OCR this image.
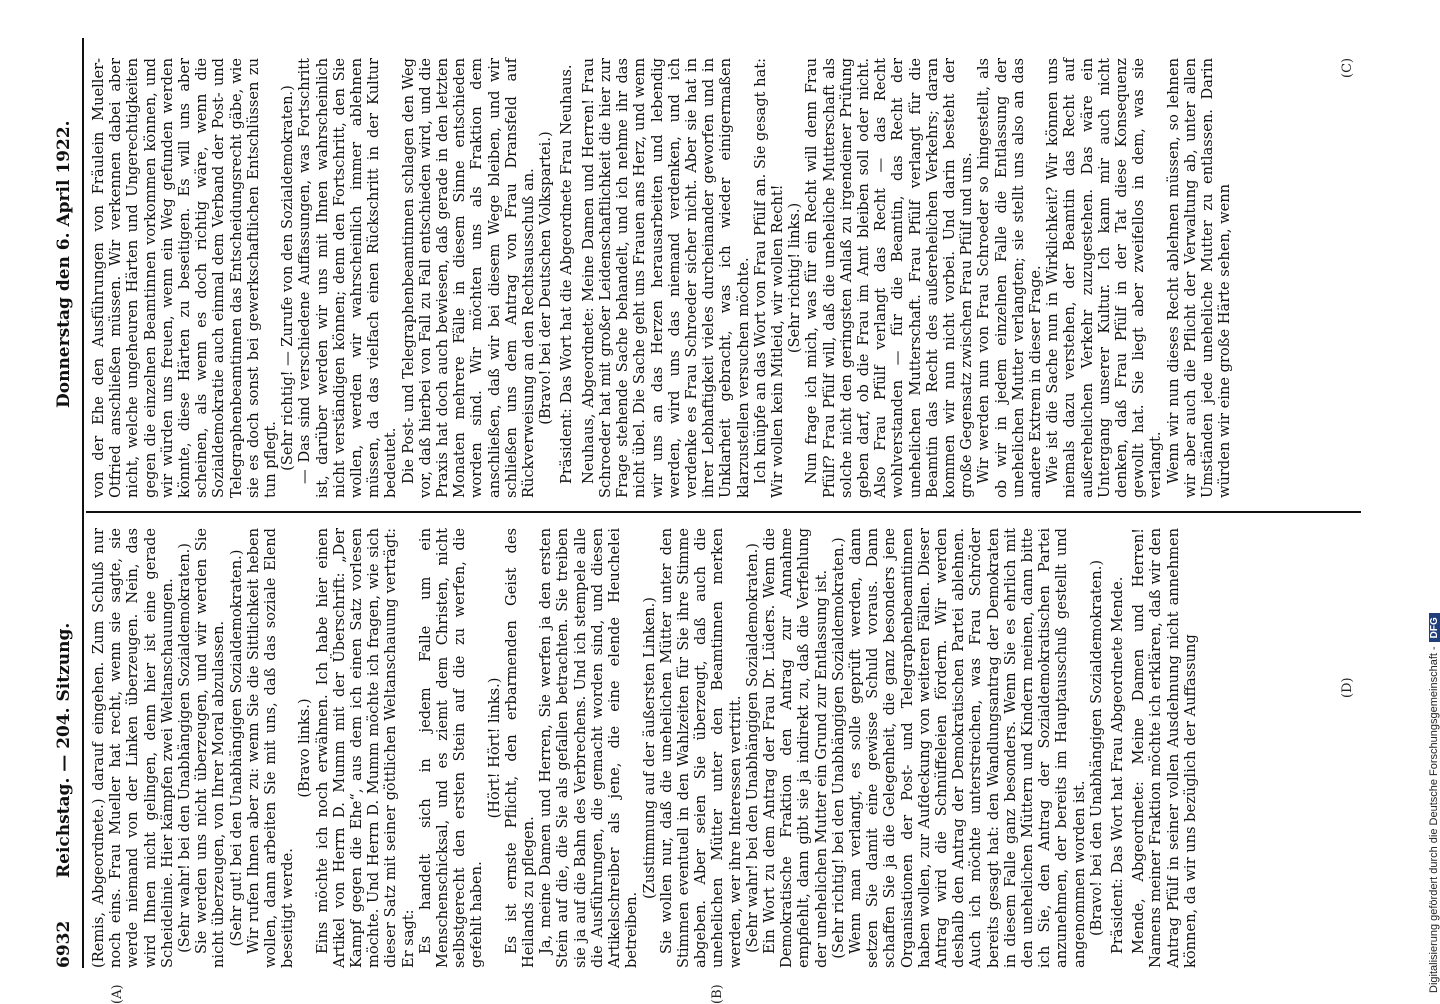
6932
Reichstag. — 204. Sitzung.
Donnerstag den 6. April 1922.

(Remis, Abgeordnete.) darauf eingehen. Zum Schluß nur noch eins. Frau Mueller hat recht, wenn sie sagte, sie werde niemand von der Linken überzeugen. Nein, das wird Ihnen nicht gelingen, denn hier ist eine gerade Scheidelinie. Hier kämpfen zwei Weltanschauungen. (Sehr wahr! bei den Unabhängigen Sozialdemokraten.) Sie werden uns nicht überzeugen, und wir werden Sie nicht überzeugen, von Ihrer Moral abzulassen. (Sehr gut! bei den Unabhängigen Sozialdemokraten.) Wir rufen Ihnen aber zu: wenn Sie die Sittlichkeit heben wollen, dann arbeiten Sie mit uns, daß das soziale Elend beseitigt werde.

(Bravo links.) Eins möchte ich noch erwähnen. Ich habe hier einen Artikel von Herrn D. Mumm mit der Überschrift: „Der Kampf gegen die Ehe“, aus dem ich einen Satz vorlesen möchte. Und Herrn D. Mumm möchte ich fragen, wie sich dieser Satz mit seiner göttlichen Weltanschauung verträgt: Er sagt: Es handelt sich in jedem Falle um ein Menschenschicksal, und es ziemt dem Christen, nicht selbstgerecht den ersten Stein auf die zu werfen, die gefehlt haben.

(Hört! Hört! links.) Es ist ernste Pflicht, den erbarmenden Geist des Heilands zu pflegen. Ja, meine Damen und Herren, Sie werfen ja den ersten Stein auf die, die Sie als gefallen betrachten. Sie treiben sie ja auf die Bahn des Verbrechens. Und ich stempele alle die Ausführungen, die gemacht worden sind, und diesen Artikelschreiber als jene, die eine elende Heuchelei betreiben.

(Zustimmung auf der äußersten Linken.) Sie wollen nur, daß die unehelichen Mütter unter den Stimmen eventuell in den Wahlzeiten für Sie ihre Stimme abgeben. Aber seien Sie überzeugt, daß auch die unehelichen Mütter unter den Beamtinnen merken werden, wer ihre Interessen vertritt. (Sehr wahr! bei den Unabhängigen Sozialdemokraten.) Ein Wort zu dem Antrag der Frau Dr. Lüders. Wenn die Demokratische Fraktion den Antrag zur Annahme empfiehlt, dann gibt sie ja indirekt zu, daß die Verfehlung der unehelichen Mutter ein Grund zur Entlassung ist. (Sehr richtig! bei den Unabhängigen Sozialdemokraten.) Wenn man verlangt, es solle geprüft werden, dann setzen Sie damit eine gewisse Schuld voraus. Dann schaffen Sie ja die Gelegenheit, die ganz besonders jene Organisationen der Post- und Telegraphenbeamtinnen haben wollen, zur Aufdeckung von weiteren Fällen. Dieser Antrag wird die Schnüffeleien fördern. Wir werden deshalb den Antrag der Demokratischen Partei ablehnen. Auch ich möchte unterstreichen, was Frau Schröder bereits gesagt hat: den Wandlungsantrag der Demokraten in diesem Falle ganz besonders. Wenn Sie es ehrlich mit den unehelichen Müttern und Kindern meinen, dann bitte ich Sie, den Antrag der Sozialdemokratischen Partei anzunehmen, der bereits im Hauptausschuß gestellt und angenommen worden ist. (Bravo! bei den Unabhängigen Sozialdemokraten.) Präsident: Das Wort hat Frau Abgeordnete Mende. Mende, Abgeordnete: Meine Damen und Herren! Namens meiner Fraktion möchte ich erklären, daß wir den Antrag Pfülf in seiner vollen Ausdehnung nicht annehmen können, da wir uns bezüglich der Auffassung

von der Ehe den Ausführungen von Fräulein Mueller-Otfried anschließen müssen. Wir verkennen dabei aber nicht, welche ungeheuren Härten und Ungerechtigkeiten gegen die einzelnen Beamtinnen vorkommen können, und wir würden uns freuen, wenn ein Weg gefunden werden könnte, diese Härten zu beseitigen. Es will uns aber scheinen, als wenn es doch richtig wäre, wenn die Sozialdemokratie auch einmal dem Verband der Post- und Telegraphenbeamtinnen das Entscheidungsrecht gäbe, wie sie es doch sonst bei gewerkschaftlichen Entschlüssen zu tun pflegt. (Sehr richtig! — Zurufe von den Sozialdemokraten.) — Das sind verschiedene Auffassungen, was Fortschritt ist, darüber werden wir uns mit Ihnen wahrscheinlich nicht verständigen können; denn den Fortschritt, den Sie wollen, werden wir wahrscheinlich immer ablehnen müssen, da das vielfach einen Rückschritt in der Kultur bedeutet. Die Post- und Telegraphenbeamtinnen schlagen den Weg vor, daß hierbei von Fall zu Fall entschieden wird, und die Praxis hat doch auch bewiesen, daß gerade in den letzten Monaten mehrere Fälle in diesem Sinne entschieden worden sind. Wir möchten uns als Fraktion dem anschließen, daß wir bei diesem Wege bleiben, und wir schließen uns dem Antrag von Frau Dransfeld auf Rückverweisung an den Rechtsausschuß an. (Bravo! bei der Deutschen Volkspartei.) Präsident: Das Wort hat die Abgeordnete Frau Neuhaus. Neuhaus, Abgeordnete: Meine Damen und Herren! Frau Schroeder hat mit großer Leidenschaftlichkeit die hier zur Frage stehende Sache behandelt, und ich nehme ihr das nicht übel. Die Sache geht uns Frauen ans Herz, und wenn wir uns an das Herzen herausarbeiten und lebendig werden, wird uns das niemand verdenken, und ich verdenke es Frau Schroeder sicher nicht. Aber sie hat in ihrer Lebhaftigkeit vieles durcheinander geworfen und in Unklarheit gebracht, was ich wieder einigermaßen klarzustellen versuchen möchte. Ich knüpfe an das Wort von Frau Pfülf an. Sie gesagt hat: Wir wollen kein Mitleid, wir wollen Recht! (Sehr richtig! links.) Nun frage ich mich, was für ein Recht will denn Frau Pfülf? Frau Pfülf will, daß die uneheliche Mutterschaft als solche nicht den geringsten Anlaß zu irgendeiner Prüfung geben darf, ob die Frau im Amt bleiben soll oder nicht. Also Frau Pfülf verlangt das Recht — das Recht wohlverstanden — für die Beamtin, das Recht der unehelichen Mutterschaft. Frau Pfülf verlangt für die Beamtin das Recht des außerehelichen Verkehrs; daran kommen wir nun nicht vorbei. Und darin besteht der große Gegensatz zwischen Frau Pfülf und uns. Wir werden nun von Frau Schroeder so hingestellt, als ob wir in jedem einzelnen Falle die Entlassung der unehelichen Mutter verlangten; sie stellt uns also an das andere Extrem in dieser Frage. Wie ist die Sache nun in Wirklichkeit? Wir können uns niemals dazu verstehen, der Beamtin das Recht auf außerehelichen Verkehr zuzugestehen. Das wäre ein Untergang unserer Kultur. Ich kann mir auch nicht denken, daß Frau Pfülf in der Tat diese Konsequenz gewollt hat. Sie liegt aber zweifellos in dem, was sie verlangt. Wenn wir nun dieses Recht ablehnen müssen, so lehnen wir aber auch die Pflicht der Verwaltung ab, unter allen Umständen jede uneheliche Mutter zu entlassen. Darin würden wir eine große Härte sehen, wenn

(A)	(B)
(C)
(D)	Digitalisierung gefördert durch die Deutsche Forschungsgemeinschaft -DFG
